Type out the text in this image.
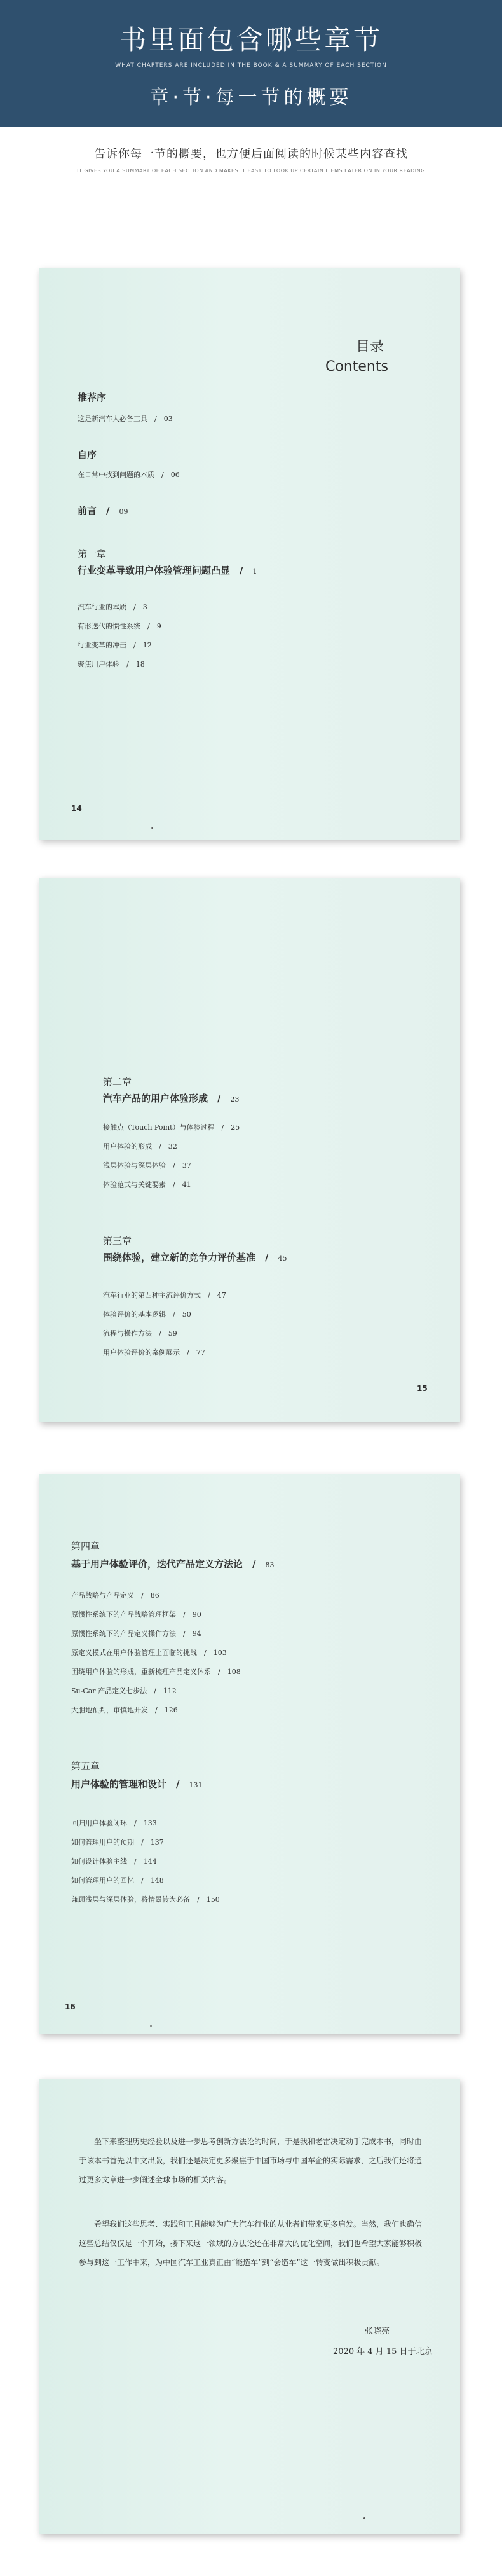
书里面包含哪些章节
WHAT CHAPTERS ARE INCLUDED IN THE BOOK & A SUMMARY OF EACH SECTION
章·节·每一节的概要
告诉你每一节的概要，也方便后面阅读的时候某些内容查找
IT GIVES YOU A SUMMARY OF EACH SECTION AND MAKES IT EASY TO LOOK UP CERTAIN ITEMS LATER ON IN YOUR READING
目录
Contents
推荐序
这是新汽车人必备工具　/　03
自序
在日常中找到问题的本质　/　06
前言　/　09
第一章
行业变革导致用户体验管理问题凸显　/　1
汽车行业的本质　/　3
有形迭代的惯性系统　/　9
行业变革的冲击　/　12
聚焦用户体验　/　18
14
第二章
汽车产品的用户体验形成　/　23
接触点（Touch Point）与体验过程　/　25
用户体验的形成　/　32
浅层体验与深层体验　/　37
体验范式与关键要素　/　41
第三章
围绕体验，建立新的竞争力评价基准　/　45
汽车行业的第四种主流评价方式　/　47
体验评价的基本逻辑　/　50
流程与操作方法　/　59
用户体验评价的案例展示　/　77
15
第四章
基于用户体验评价，迭代产品定义方法论　/　83
产品战略与产品定义　/　86
原惯性系统下的产品战略管理框架　/　90
原惯性系统下的产品定义操作方法　/　94
原定义模式在用户体验管理上面临的挑战　/　103
围绕用户体验的形成，重新梳理产品定义体系　/　108
Su-Car 产品定义七步法　/　112
大胆地预判，审慎地开发　/　126
第五章
用户体验的管理和设计　/　131
回归用户体验闭环　/　133
如何管理用户的预期　/　137
如何设计体验主线　/　144
如何管理用户的回忆　/　148
兼顾浅层与深层体验，将情景转为必备　/　150
16
坐下来整理历史经验以及进一步思考创新方法论的时间，于是我和老雷决定动手完成本书，同时由于该本书首先以中文出版，我们还是决定更多聚焦于中国市场与中国车企的实际需求，之后我们还将通过更多文章进一步阐述全球市场的相关内容。
希望我们这些思考、实践和工具能够为广大汽车行业的从业者们带来更多启发。当然，我们也确信这些总结仅仅是一个开始，接下来这一领域的方法论还在非常大的优化空间，我们也希望大家能够积极参与到这一工作中来，为中国汽车工业真正由“能造车”到“会造车”这一转变做出积极贡献。
张晓亮
2020 年 4 月 15 日于北京
